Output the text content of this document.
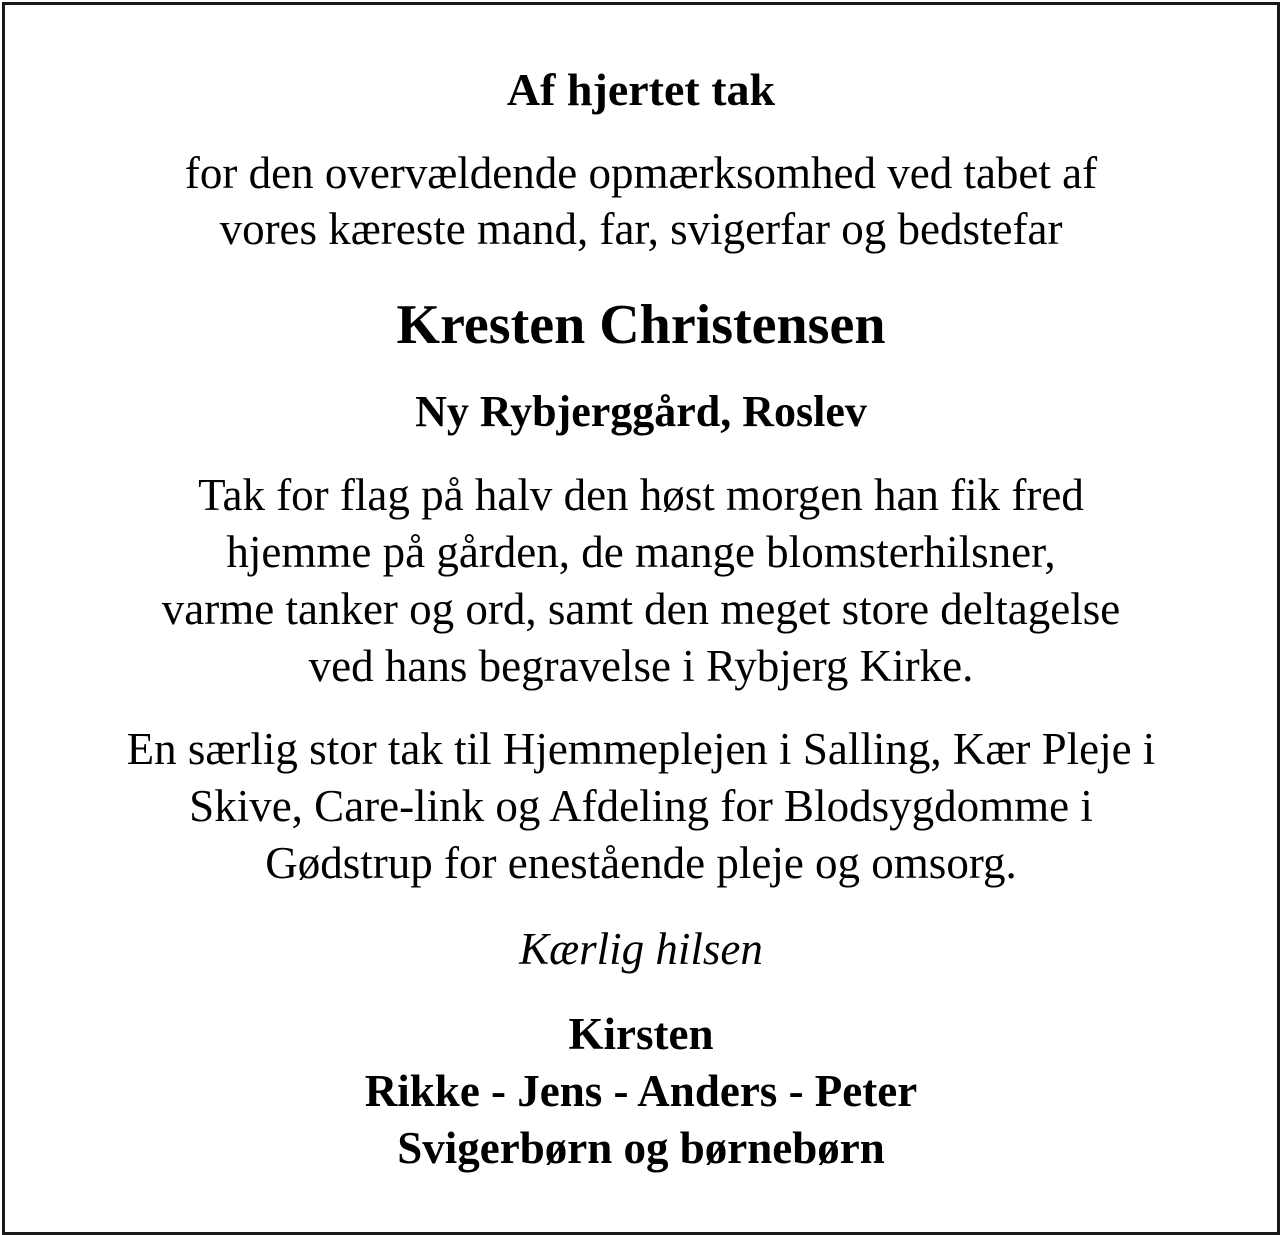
Af hjertet tak
for den overvældende opmærksomhed ved tabet af
vores kæreste mand, far, svigerfar og bedstefar
Kresten Christensen
Ny Rybjerggård, Roslev
Tak for flag på halv den høst morgen han fik fred
hjemme på gården, de mange blomsterhilsner,
varme tanker og ord, samt den meget store deltagelse
ved hans begravelse i Rybjerg Kirke.
En særlig stor tak til Hjemmeplejen i Salling, Kær Pleje i
Skive, Care-link og Afdeling for Blodsygdomme i
Gødstrup for enestående pleje og omsorg.
Kærlig hilsen
Kirsten
Rikke - Jens - Anders - Peter
Svigerbørn og børnebørn
